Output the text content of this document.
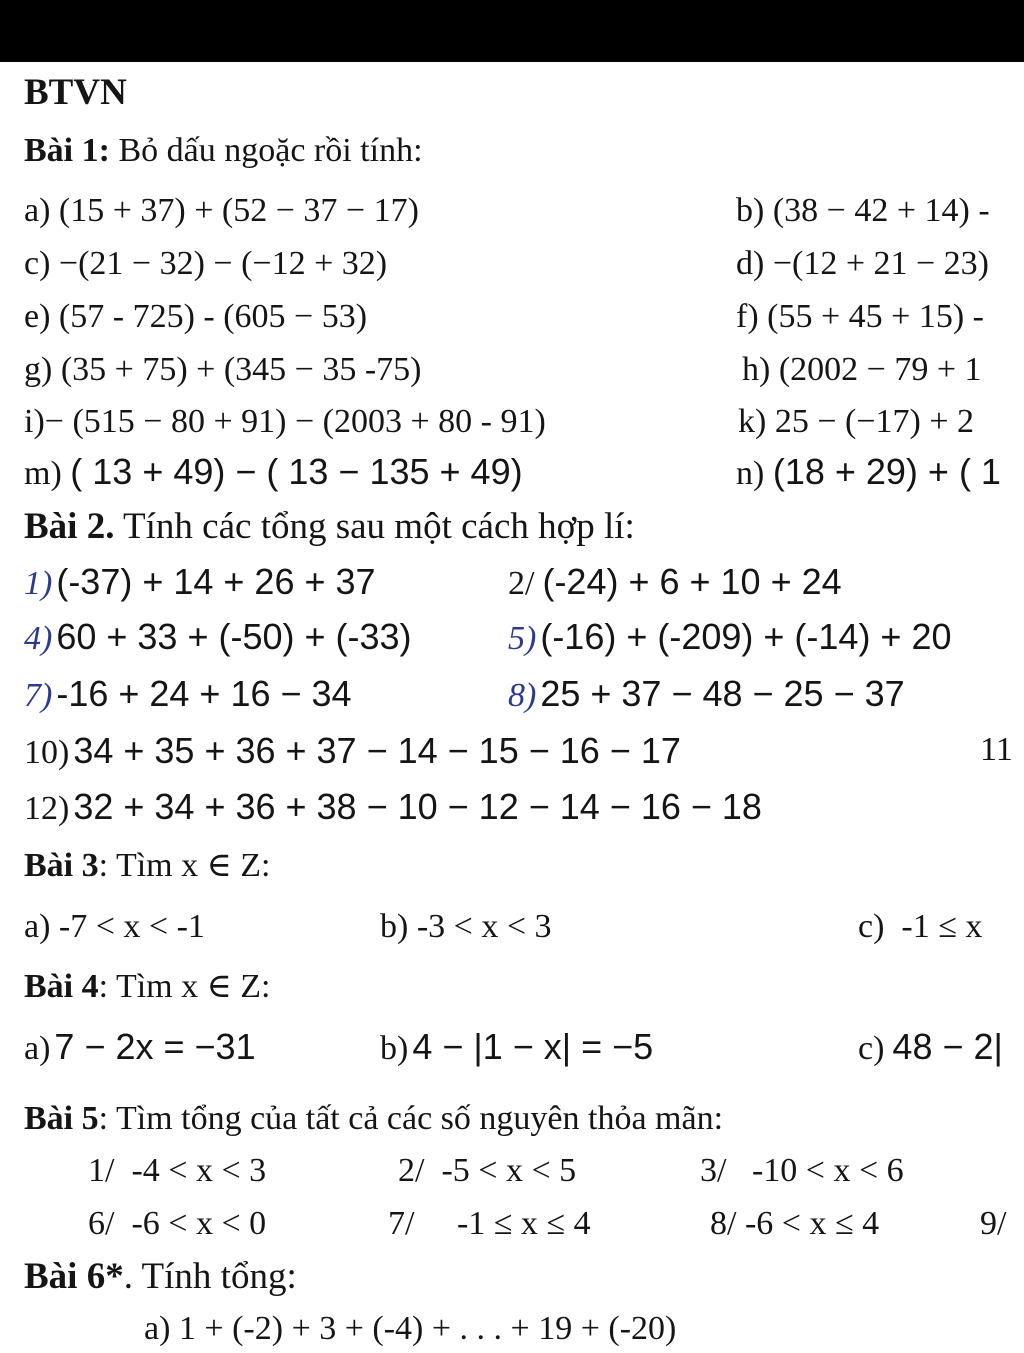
BTVN
Bài 1: Bỏ dấu ngoặc rồi tính:
a) (15 + 37) + (52 − 37 − 17)	b) (38 − 42 + 14) -
c) −(21 − 32) − (−12 + 32)	d) −(12 + 21 − 23)
e) (57 - 725) - (605 − 53)	f) (55 + 45 + 15) -
g) (35 + 75) + (345 − 35 -75)	h) (2002 − 79 + 1
i)− (515 − 80 + 91) − (2003 + 80 - 91)	k) 25 − (−17) + 2
m) ( 13 + 49) − ( 13 − 135 + 49)	n) (18 + 29) + ( 1
Bài 2. Tính các tổng sau một cách hợp lí:
1) (-37) + 14 + 26 + 37	2/ (-24) + 6 + 10 + 24
4) 60 + 33 + (-50) + (-33)	5) (-16) + (-209) + (-14) + 20
7) -16 + 24 + 16 − 34	8) 25 + 37 − 48 − 25 − 37
10) 34 + 35 + 36 + 37 − 14 − 15 − 16 − 17	11
12) 32 + 34 + 36 + 38 − 10 − 12 − 14 − 16 − 18
Bài 3: Tìm x ∈ Z:
a) -7 < x < -1	b) -3 < x < 3	c) -1 ≤ x
Bài 4: Tìm x ∈ Z:
a) 7 − 2x = −31	b) 4 − |1 − x| = −5	c) 48 − 2|
Bài 5: Tìm tổng của tất cả các số nguyên thỏa mãn:
1/ -4 < x < 3	2/ -5 < x < 5	3/ -10 < x < 6
6/ -6 < x < 0	7/ -1 ≤ x ≤ 4	8/ -6 < x ≤ 4	9/
Bài 6*. Tính tổng:
a) 1 + (-2) + 3 + (-4) + . . . + 19 + (-20)
